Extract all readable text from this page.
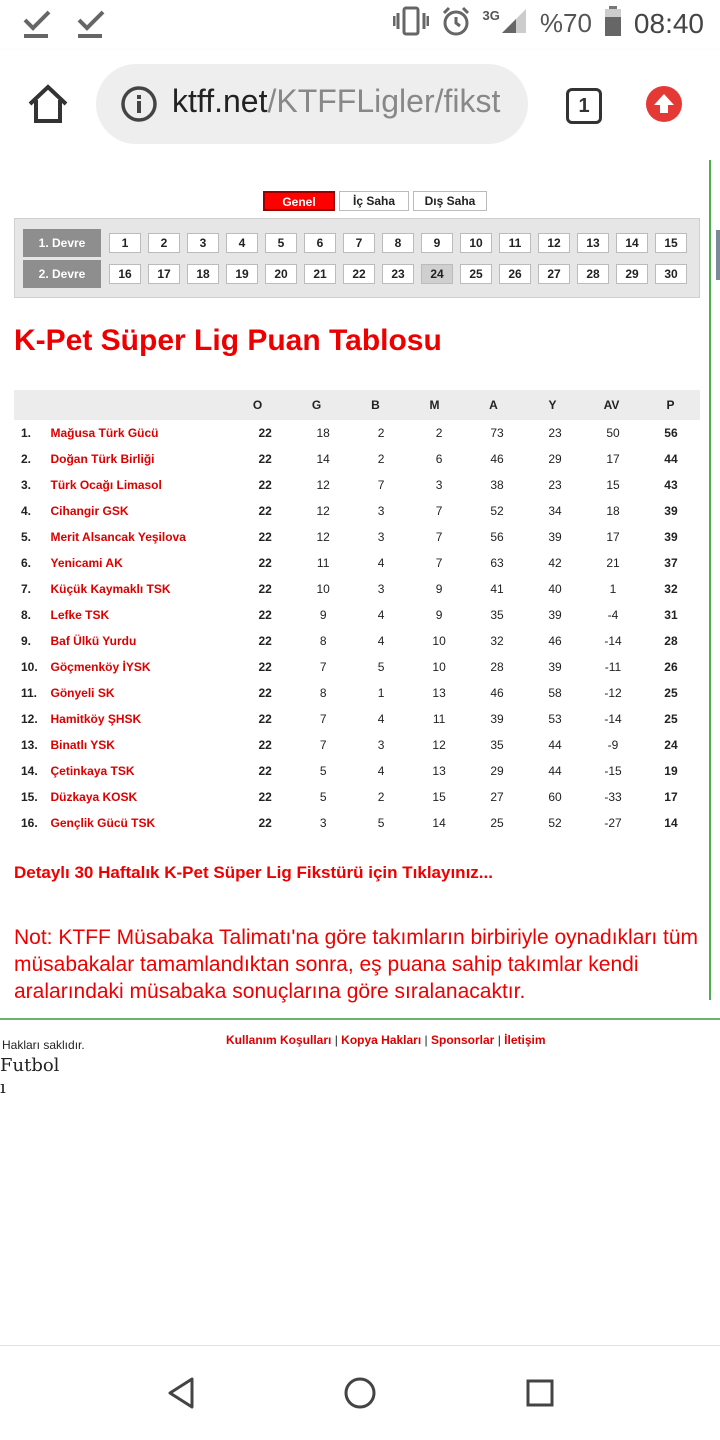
3G %70 08:40
ktff.net/KTFFLigler/fikst	1
Genel	İç Saha	Dış Saha
1. Devre	1	2	3	4	5	6	7	8	9	10	11	12	13	14	15
2. Devre	16	17	18	19	20	21	22	23	24	25	26	27	28	29	30
K-Pet Süper Lig Puan Tablosu
O	G	B	M	A	Y	AV	P
1.	Mağusa Türk Gücü	22	18	2	2	73	23	50	56
2.	Doğan Türk Birliği	22	14	2	6	46	29	17	44
3.	Türk Ocağı Limasol	22	12	7	3	38	23	15	43
4.	Cihangir GSK	22	12	3	7	52	34	18	39
5.	Merit Alsancak Yeşilova	22	12	3	7	56	39	17	39
6.	Yenicami AK	22	11	4	7	63	42	21	37
7.	Küçük Kaymaklı TSK	22	10	3	9	41	40	1	32
8.	Lefke TSK	22	9	4	9	35	39	-4	31
9.	Baf Ülkü Yurdu	22	8	4	10	32	46	-14	28
10.	Göçmenköy İYSK	22	7	5	10	28	39	-11	26
11.	Gönyeli SK	22	8	1	13	46	58	-12	25
12.	Hamitköy ŞHSK	22	7	4	11	39	53	-14	25
13.	Binatlı YSK	22	7	3	12	35	44	-9	24
14.	Çetinkaya TSK	22	5	4	13	29	44	-15	19
15.	Düzkaya KOSK	22	5	2	15	27	60	-33	17
16.	Gençlik Gücü TSK	22	3	5	14	25	52	-27	14
Detaylı 30 Haftalık K-Pet Süper Lig Fikstürü için Tıklayınız...
Not: KTFF Müsabaka Talimatı'na göre takımların birbiriyle oynadıkları tüm müsabakalar tamamlandıktan sonra, eş puana sahip takımlar kendi aralarındaki müsabaka sonuçlarına göre sıralanacaktır.
Hakları saklıdır.
Futbol
ı
Kullanım Koşulları | Kopya Hakları | Sponsorlar | İletişim
